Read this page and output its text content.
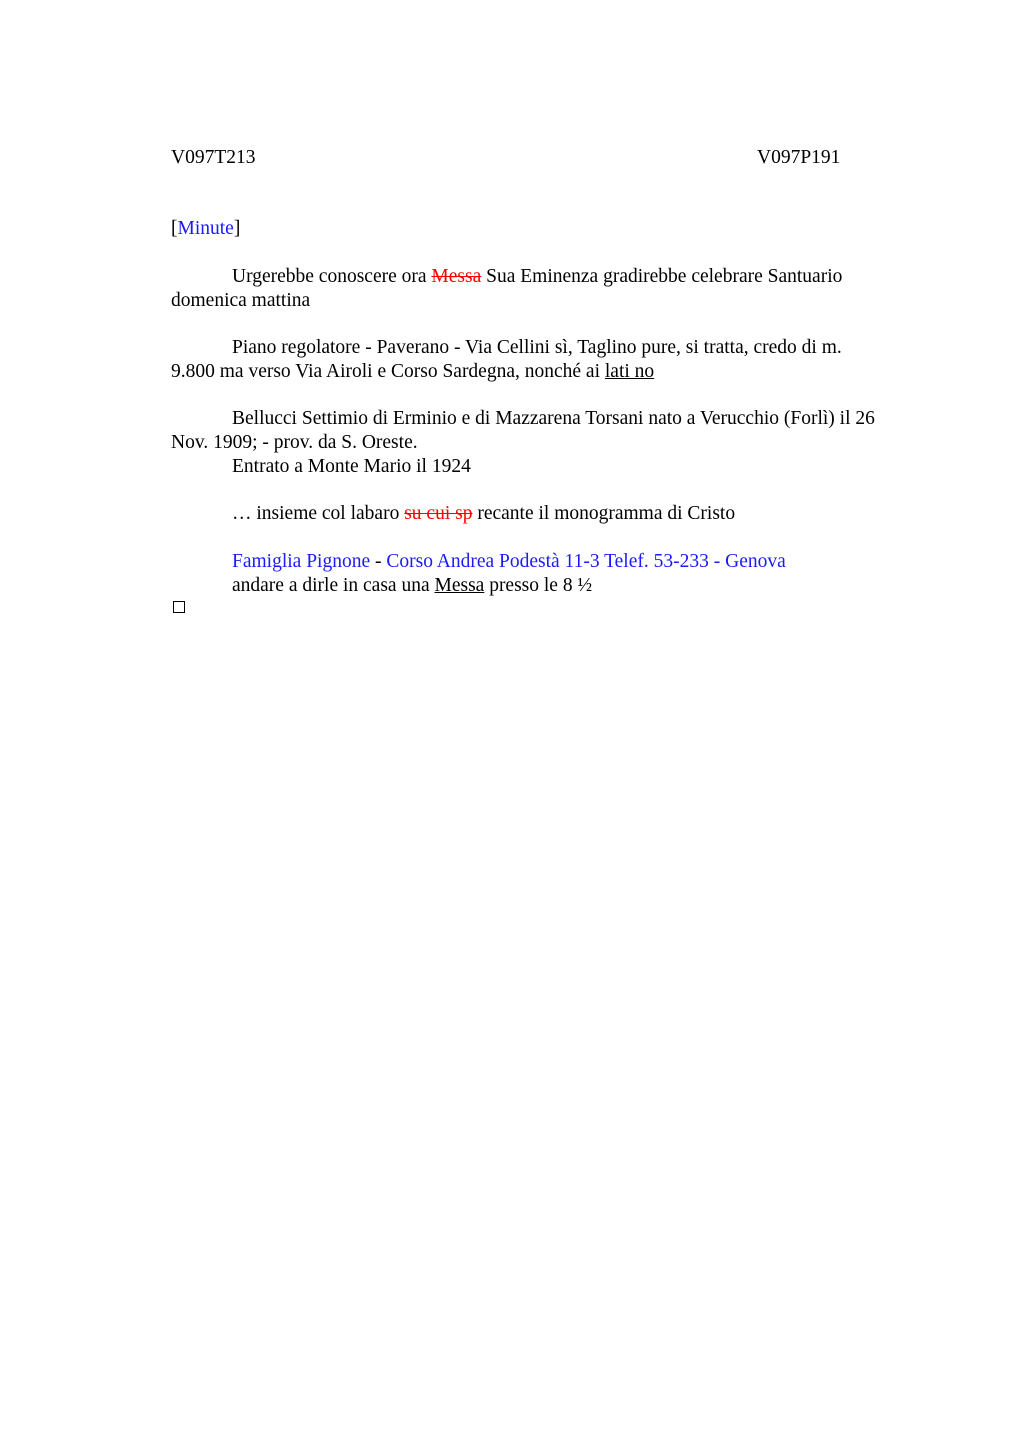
V097T213	V097P191
[Minute]
Urgerebbe conoscere ora Messa Sua Eminenza gradirebbe celebrare Santuario
domenica mattina
Piano regolatore - Paverano - Via Cellini sì, Taglino pure, si tratta, credo di m.
9.800 ma verso Via Airoli e Corso Sardegna, nonché ai lati no
Bellucci Settimio di Erminio e di Mazzarena Torsani nato a Verucchio (Forlì) il 26
Nov. 1909; - prov. da S. Oreste.
Entrato a Monte Mario il 1924
… insieme col labaro su cui sp recante il monogramma di Cristo
Famiglia Pignone - Corso Andrea Podestà 11-3 Telef. 53-233 - Genova
andare a dirle in casa una Messa presso le 8 ½
